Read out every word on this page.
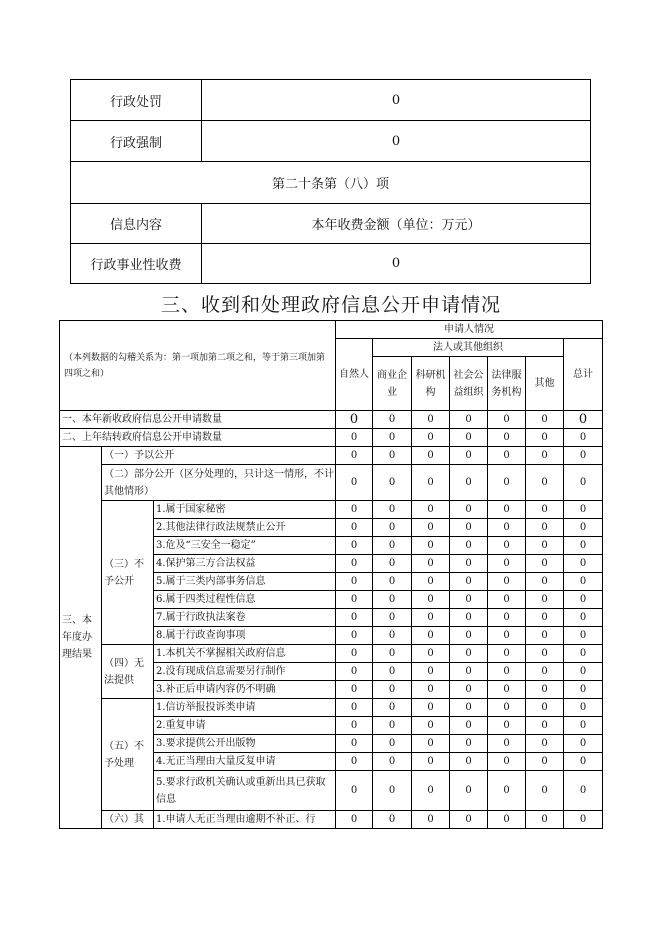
行政处罚	0
行政强制	0
第二十条第（八）项	
信息内容	本年收费金额（单位：万元）
行政事业性收费	0
三、收到和处理政府信息公开申请情况
（本列数据的勾稽关系为：第一项加第二项之和，等于第三项加第四项之和）			申请人情况						
			自然人	法人或其他组织					总计
				商业企业	科研机构	社会公益组织	法律服务机构	其他	

一、本年新收政府信息公开申请数量			0	0	0	0	0	0	0
二、上年结转政府信息公开申请数量			0	0	0	0	0	0	0
三、本年度办理结果	（一）予以公开		0	0	0	0	0	0	0
	（二）部分公开（区分处理的，只计这一情形，不计其他情形）		0	0	0	0	0	0	0
	（三）不予公开	1.属于国家秘密	0	0	0	0	0	0	0
		2.其他法律行政法规禁止公开	0	0	0	0	0	0	0
		3.危及“三安全一稳定”	0	0	0	0	0	0	0
		4.保护第三方合法权益	0	0	0	0	0	0	0
		5.属于三类内部事务信息	0	0	0	0	0	0	0
		6.属于四类过程性信息	0	0	0	0	0	0	0
		7.属于行政执法案卷	0	0	0	0	0	0	0
		8.属于行政查询事项	0	0	0	0	0	0	0
	（四）无法提供	1.本机关不掌握相关政府信息	0	0	0	0	0	0	0
		2.没有现成信息需要另行制作	0	0	0	0	0	0	0
		3.补正后申请内容仍不明确	0	0	0	0	0	0	0
	（五）不予处理	1.信访举报投诉类申请	0	0	0	0	0	0	0
		2.重复申请	0	0	0	0	0	0	0
		3.要求提供公开出版物	0	0	0	0	0	0	0
		4.无正当理由大量反复申请	0	0	0	0	0	0	0
		5.要求行政机关确认或重新出具已获取信息	0	0	0	0	0	0	0
	（六）其	1.申请人无正当理由逾期不补正、行	0	0	0	0	0	0	0
